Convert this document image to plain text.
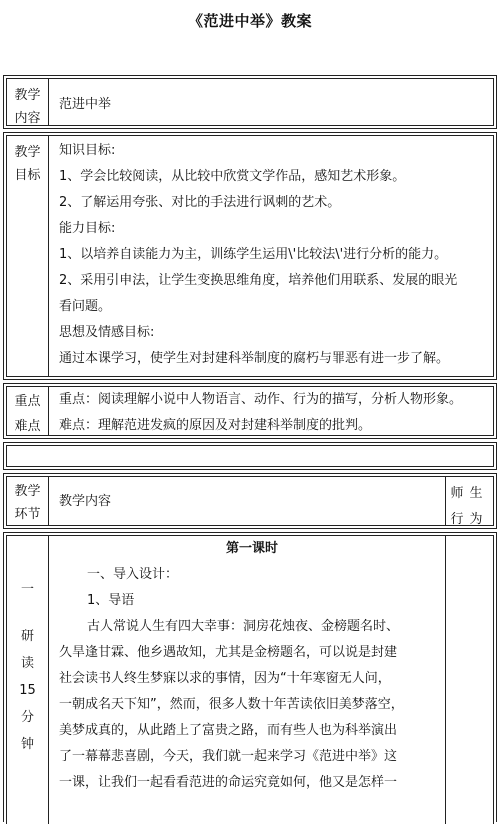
《范进中举》教案
教学
内容

范进中举

教学
目标

知识目标:

1、学会比较阅读，从比较中欣赏文学作品，感知艺术形象。

2、了解运用夸张、对比的手法进行讽刺的艺术。

能力目标:

1、以培养自读能力为主，训练学生运用\'比较法\'进行分析的能力。

2、采用引申法，让学生变换思维角度，培养他们用联系、发展的眼光

看问题。

思想及情感目标:

通过本课学习，使学生对封建科举制度的腐朽与罪恶有进一步了解。

重点
难点

重点：阅读理解小说中人物语言、动作、行为的描写，分析人物形象。

难点：理解范进发疯的原因及对封建科举制度的批判。

教学
环节

教学内容

师生
行为
一
研
读
15
分
钟

第一课时

一、导入设计：

1、导语

古人常说人生有四大幸事：洞房花烛夜、金榜题名时、

久旱逢甘霖、他乡遇故知，尤其是金榜题名，可以说是封建

社会读书人终生梦寐以求的事情，因为“十年寒窗无人问，

一朝成名天下知”，然而，很多人数十年苦读依旧美梦落空，

美梦成真的，从此踏上了富贵之路，而有些人也为科举演出

了一幕幕悲喜剧，今天，我们就一起来学习《范进中举》这

一课，让我们一起看看范进的命运究竟如何，他又是怎样一
